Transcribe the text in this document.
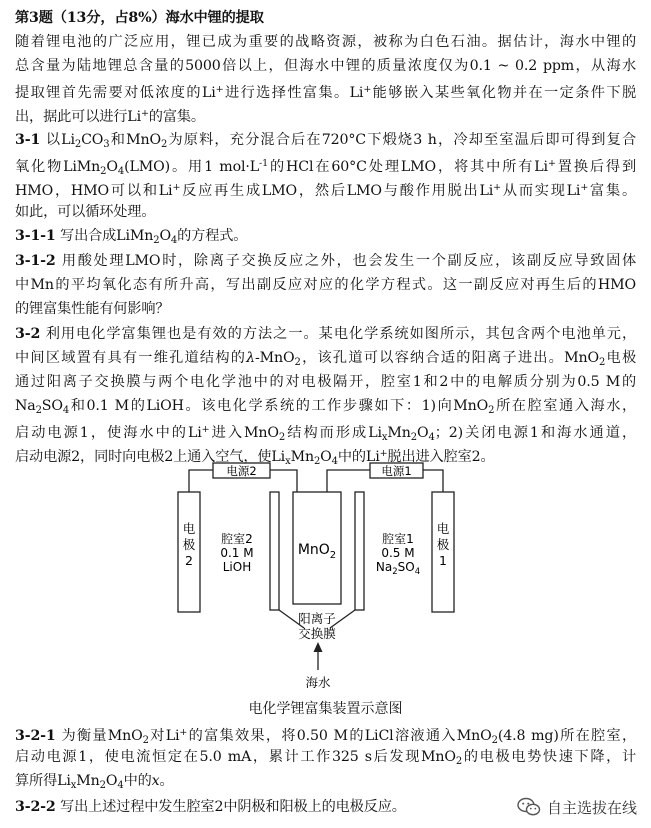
第3题（13分，占8%）海水中锂的提取
随着锂电池的广泛应用，锂已成为重要的战略资源，被称为白色石油。据估计，海水中锂的
总含量为陆地锂总含量的5000倍以上，但海水中锂的质量浓度仅为0.1 ~ 0.2 ppm，从海水
提取锂首先需要对低浓度的Li+进行选择性富集。Li+能够嵌入某些氧化物并在一定条件下脱
出，据此可以进行Li+的富集。
3-1 以$Li_2CO_3$和MnO$_2$为原料，充分混合后在720°C下煅烧3 h，冷却至室温后即可得到复合
氧化物$LiMn_2O_4(LMO)$。用1 $mol\cdot L^{-1}$的HCl在60°C处理LMO，将其中所有Li+置换后得到
HMO，HMO可以和Li+反应再生成LMO，然后LMO与酸作用脱出Li+从而实现Li+富集。
如此，可以循环处理。
3-1-1 写出合成$LiMn_2O_4$的方程式。
3-1-2 用酸处理LMO时，除离子交换反应之外，也会发生一个副反应，该副反应导致固体
中Mn的平均氧化态有所升高，写出副反应对应的化学方程式。这一副反应对再生后的HMO
的锂富集性能有何影响？
3-2 利用电化学富集锂也是有效的方法之一。某电化学系统如图所示，其包含两个电池单元，
中间区域置有具有一维孔道结构的λ-MnO$_2$，该孔道可以容纳合适的阳离子进出。MnO$_2$电极
通过阳离子交换膜与两个电化学池中的对电极隔开，腔室1和2中的电解质分别为0.5 M的
$Na_2SO_4$和0.1 M的LiOH。该电化学系统的工作步骤如下：1)向MnO$_2$所在腔室通入海水，
启动电源1，使海水中的Li+进入MnO$_2$结构而形成$Li_xMn_2O_4$；2)关闭电源1和海水通道，
启动电源2，同时向电极2上通入空气，使$Li_xMn_2O_4$中的Li+脱出进入腔室2。
电源2	电源1
电
极
2
电
极
1
腔室2
0.1 M
LiOH
腔室1
0.5 M
$Na_2SO_4$
MnO$_2$
阳离子
交换膜
海水
电化学锂富集装置示意图
3-2-1 为衡量MnO$_2$对Li+的富集效果，将0.50 M的LiCl溶液通入MnO$_2$(4.8 mg)所在腔室，
启动电源1，使电流恒定在5.0 mA，累计工作325 s后发现MnO$_2$的电极电势快速下降，计
算所得$Li_xMn_2O_4$中的x。
3-2-2 写出上述过程中发生腔室2中阴极和阳极上的电极反应。	自主选拔在线
